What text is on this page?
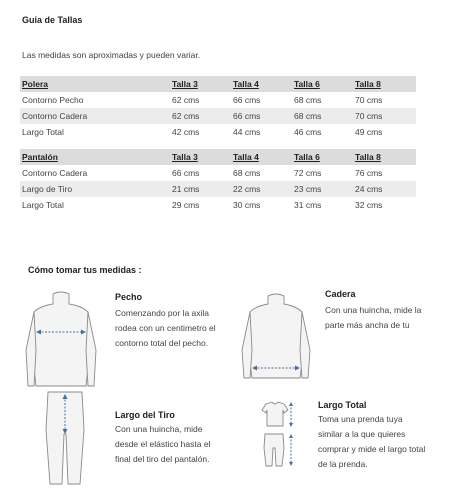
Guia de Tallas
Las medidas son aproximadas y pueden variar.
Polera	Talla 3	Talla 4	Talla 6	Talla 8
Contorno Pecho	62 cms	66 cms	68 cms	70 cms
Contorno Cadera	62 cms	66 cms	68 cms	70 cms
Largo Total	42 cms	44 cms	46 cms	49 cms
Pantalón	Talla 3	Talla 4	Talla 6	Talla 8
Contorno Cadera	66 cms	68 cms	72 cms	76 cms
Largo de Tiro	21 cms	22 cms	23 cms	24 cms
Largo Total	29 cms	30 cms	31 cms	32 cms
Cómo tomar tus medidas :
Pecho
Comenzando por la axila
rodea con un centimetro el
contorno total del pecho.
Cadera
Con una huincha, mide la
parte más ancha de tu
Largo del Tiro
Con una huincha, mide
desde el elástico hasta el
final del tiro del pantalón.
Largo Total
Toma una prenda tuya
similar a la que quieres
comprar y mide el largo total
de la prenda.
